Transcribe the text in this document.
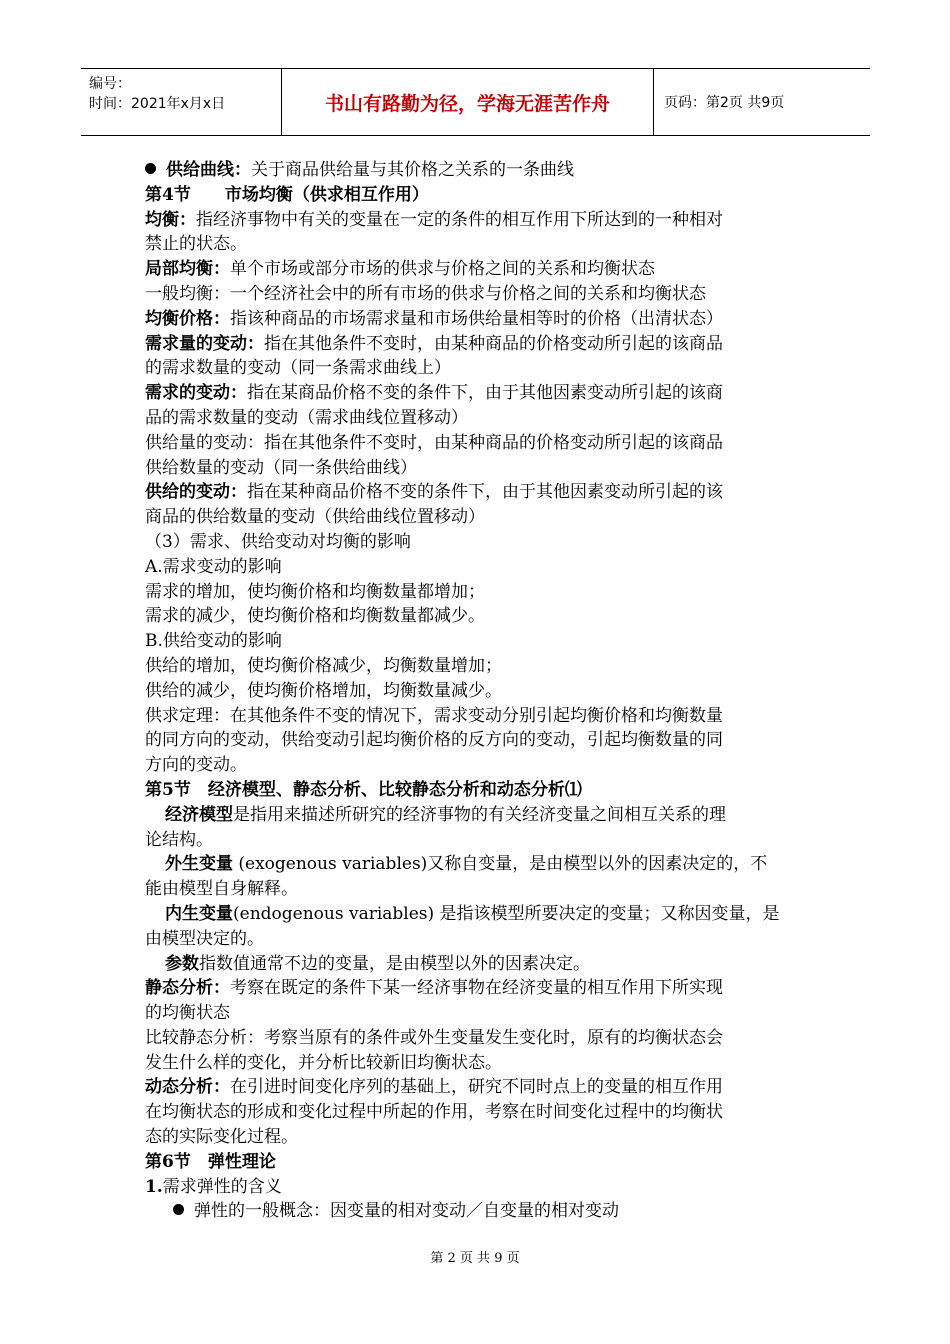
编号：
时间：2021年x月x日	书山有路勤为径，学海无涯苦作舟	页码：第2页 共9页
供给曲线：关于商品供给量与其价格之关系的一条曲线
第4节　　市场均衡（供求相互作用）
均衡：指经济事物中有关的变量在一定的条件的相互作用下所达到的一种相对
禁止的状态。
局部均衡：单个市场或部分市场的供求与价格之间的关系和均衡状态
一般均衡：一个经济社会中的所有市场的供求与价格之间的关系和均衡状态
均衡价格：指该种商品的市场需求量和市场供给量相等时的价格（出清状态）
需求量的变动：指在其他条件不变时，由某种商品的价格变动所引起的该商品
的需求数量的变动（同一条需求曲线上）
需求的变动：指在某商品价格不变的条件下，由于其他因素变动所引起的该商
品的需求数量的变动（需求曲线位置移动）
供给量的变动：指在其他条件不变时，由某种商品的价格变动所引起的该商品
供给数量的变动（同一条供给曲线）
供给的变动：指在某种商品价格不变的条件下，由于其他因素变动所引起的该
商品的供给数量的变动（供给曲线位置移动）
（3）需求、供给变动对均衡的影响
A.需求变动的影响
需求的增加，使均衡价格和均衡数量都增加；
需求的减少，使均衡价格和均衡数量都减少。
B.供给变动的影响
供给的增加，使均衡价格减少，均衡数量增加；
供给的减少，使均衡价格增加，均衡数量减少。
供求定理：在其他条件不变的情况下，需求变动分别引起均衡价格和均衡数量
的同方向的变动，供给变动引起均衡价格的反方向的变动，引起均衡数量的同
方向的变动。
第5节　经济模型、静态分析、比较静态分析和动态分析⑴
经济模型是指用来描述所研究的经济事物的有关经济变量之间相互关系的理
论结构。
外生变量 (exogenous variables)又称自变量，是由模型以外的因素决定的，不
能由模型自身解释。
内生变量(endogenous variables) 是指该模型所要决定的变量；又称因变量，是
由模型决定的。
参数指数值通常不边的变量，是由模型以外的因素决定。
静态分析：考察在既定的条件下某一经济事物在经济变量的相互作用下所实现
的均衡状态
比较静态分析：考察当原有的条件或外生变量发生变化时，原有的均衡状态会
发生什么样的变化，并分析比较新旧均衡状态。
动态分析：在引进时间变化序列的基础上，研究不同时点上的变量的相互作用
在均衡状态的形成和变化过程中所起的作用，考察在时间变化过程中的均衡状
态的实际变化过程。
第6节　弹性理论
1.需求弹性的含义
弹性的一般概念：因变量的相对变动／自变量的相对变动
第 2 页 共 9 页
